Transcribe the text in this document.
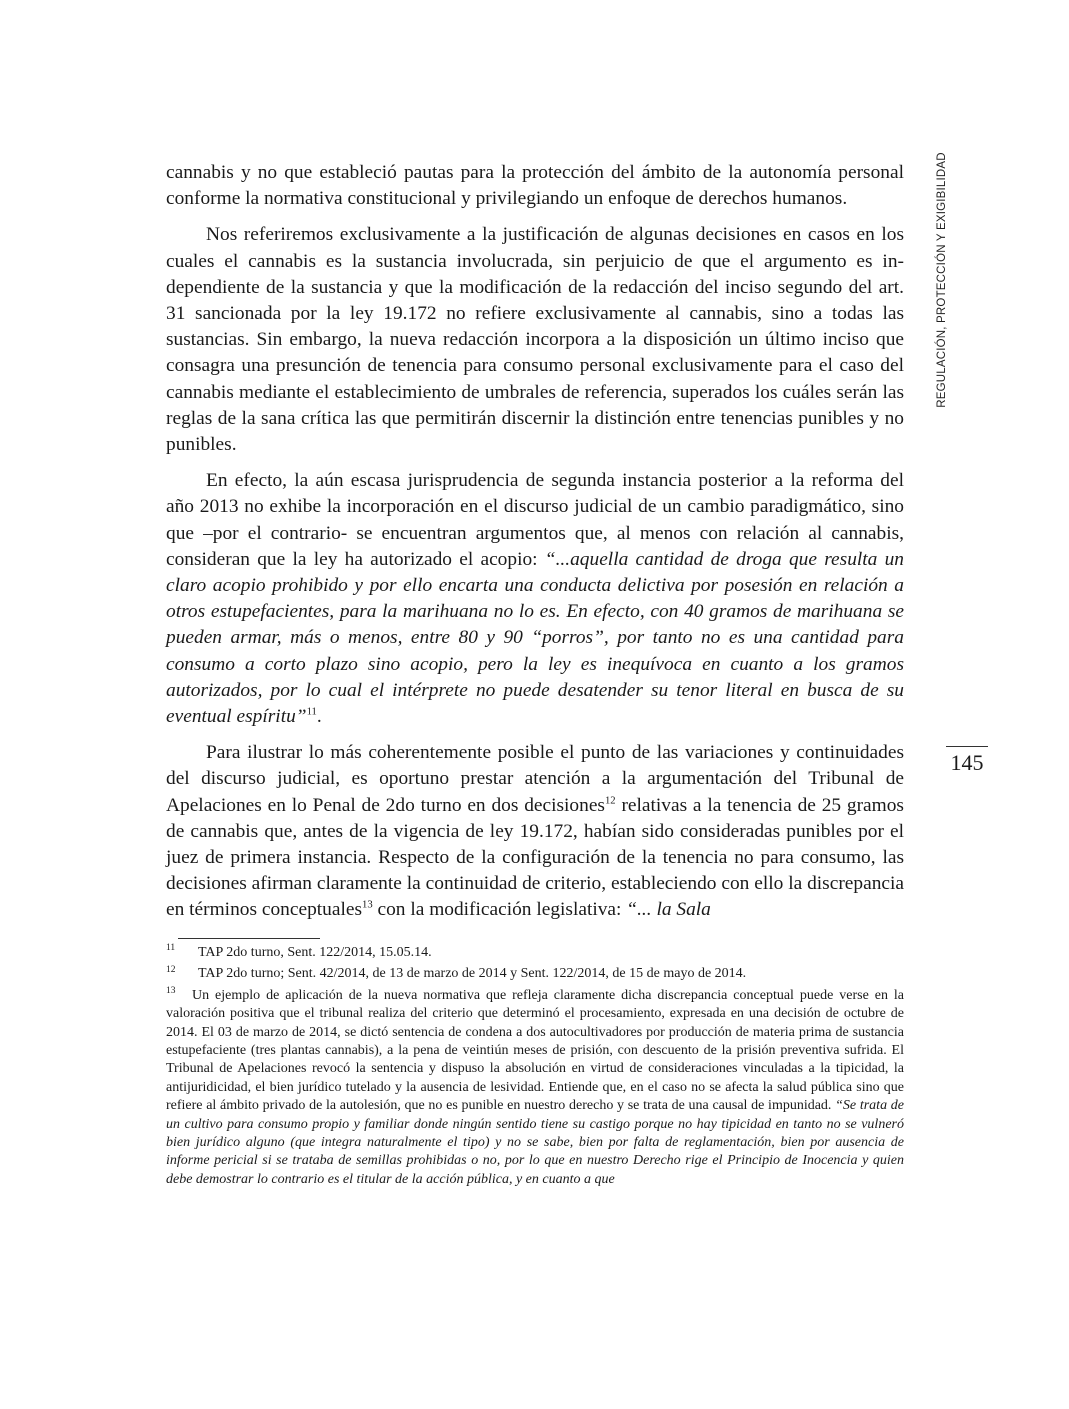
cannabis y no que estableció pautas para la protección del ámbito de la autonomía personal conforme la normativa constitucional y privilegiando un enfoque de derechos humanos.

Nos referiremos exclusivamente a la justificación de algunas decisiones en casos en los cuales el cannabis es la sustancia involucrada, sin perjuicio de que el argumento es independiente de la sustancia y que la modificación de la redacción del inciso segundo del art. 31 sancionada por la ley 19.172 no refiere exclusivamente al cannabis, sino a todas las sustancias. Sin embargo, la nueva redacción incorpora a la disposición un último inciso que consagra una presunción de tenencia para consumo personal exclusivamente para el caso del cannabis mediante el establecimiento de umbrales de referencia, superados los cuáles serán las reglas de la sana crítica las que permitirán discernir la distinción entre tenencias punibles y no punibles.

En efecto, la aún escasa jurisprudencia de segunda instancia posterior a la reforma del año 2013 no exhibe la incorporación en el discurso judicial de un cambio paradigmático, sino que –por el contrario- se encuentran argumentos que, al menos con relación al cannabis, consideran que la ley ha autorizado el acopio: “...aquella cantidad de droga que resulta un claro acopio prohibido y por ello encarta una conducta delictiva por posesión en relación a otros estupefacientes, para la marihuana no lo es. En efecto, con 40 gramos de marihuana se pueden armar, más o menos, entre 80 y 90 “porros”, por tanto no es una cantidad para consumo a corto plazo sino acopio, pero la ley es inequívoca en cuanto a los gramos autorizados, por lo cual el intérprete no puede desatender su tenor literal en busca de su eventual espíritu”$^{11}$.

Para ilustrar lo más coherentemente posible el punto de las variaciones y continuidades del discurso judicial, es oportuno prestar atención a la argumentación del Tribunal de Apelaciones en lo Penal de 2do turno en dos decisiones$^{12}$ relativas a la tenencia de 25 gramos de cannabis que, antes de la vigencia de ley 19.172, habían sido consideradas punibles por el juez de primera instancia. Respecto de la configuración de la tenencia no para consumo, las decisiones afirman claramente la continuidad de criterio, estableciendo con ello la discrepancia en términos conceptuales$^{13}$ con la modificación legislativa: “... la Sala

REGULACIÓN, PROTECCIÓN Y EXIGIBILIDAD
145
11 TAP 2do turno, Sent. 122/2014, 15.05.14.
12 TAP 2do turno; Sent. 42/2014, de 13 de marzo de 2014 y Sent. 122/2014, de 15 de mayo de 2014.
13 Un ejemplo de aplicación de la nueva normativa que refleja claramente dicha discrepancia conceptual puede verse en la valoración positiva que el tribunal realiza del criterio que determinó el procesamiento, expresada en una decisión de octubre de 2014. El 03 de marzo de 2014, se dictó sentencia de condena a dos autocultivadores por producción de materia prima de sustancia estupefaciente (tres plantas cannabis), a la pena de veintiún meses de prisión, con descuento de la prisión preventiva sufrida. El Tribunal de Apelaciones revocó la sentencia y dispuso la absolución en virtud de consideraciones vinculadas a la tipicidad, la antijuridicidad, el bien jurídico tutelado y la ausencia de lesividad. Entiende que, en el caso no se afecta la salud pública sino que refiere al ámbito privado de la autolesión, que no es punible en nuestro derecho y se trata de una causal de impunidad. “Se trata de un cultivo para consumo propio y familiar donde ningún sentido tiene su castigo porque no hay tipicidad en tanto no se vulneró bien jurídico alguno (que integra naturalmente el tipo) y no se sabe, bien por falta de reglamentación, bien por ausencia de informe pericial si se trataba de semillas prohibidas o no, por lo que en nuestro Derecho rige el Principio de Inocencia y quien debe demostrar lo contrario es el titular de la acción pública, y en cuanto a que
